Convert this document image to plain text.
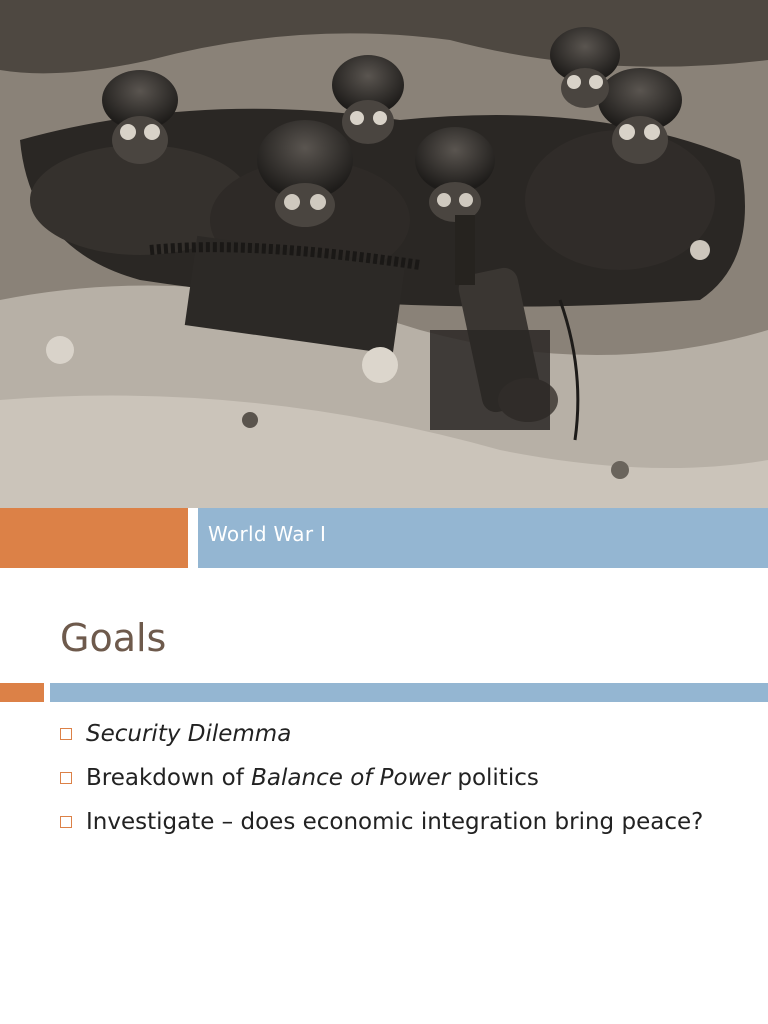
World War I
Goals
Security Dilemma
Breakdown of Balance of Power politics
Investigate – does economic integration bring peace?
